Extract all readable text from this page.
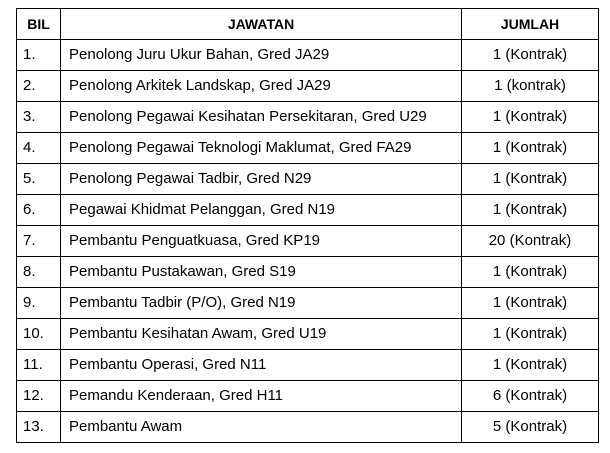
BIL	JAWATAN	JUMLAH
1.	Penolong Juru Ukur Bahan, Gred JA29	1 (Kontrak)
2.	Penolong Arkitek Landskap, Gred JA29	1 (kontrak)
3.	Penolong Pegawai Kesihatan Persekitaran, Gred U29	1 (Kontrak)
4.	Penolong Pegawai Teknologi Maklumat, Gred FA29	1 (Kontrak)
5.	Penolong Pegawai Tadbir, Gred N29	1 (Kontrak)
6.	Pegawai Khidmat Pelanggan, Gred N19	1 (Kontrak)
7.	Pembantu Penguatkuasa, Gred KP19	20 (Kontrak)
8.	Pembantu Pustakawan, Gred S19	1 (Kontrak)
9.	Pembantu Tadbir (P/O), Gred N19	1 (Kontrak)
10.	Pembantu Kesihatan Awam, Gred U19	1 (Kontrak)
11.	Pembantu Operasi, Gred N11	1 (Kontrak)
12.	Pemandu Kenderaan, Gred H11	6 (Kontrak)
13.	Pembantu Awam	5 (Kontrak)
